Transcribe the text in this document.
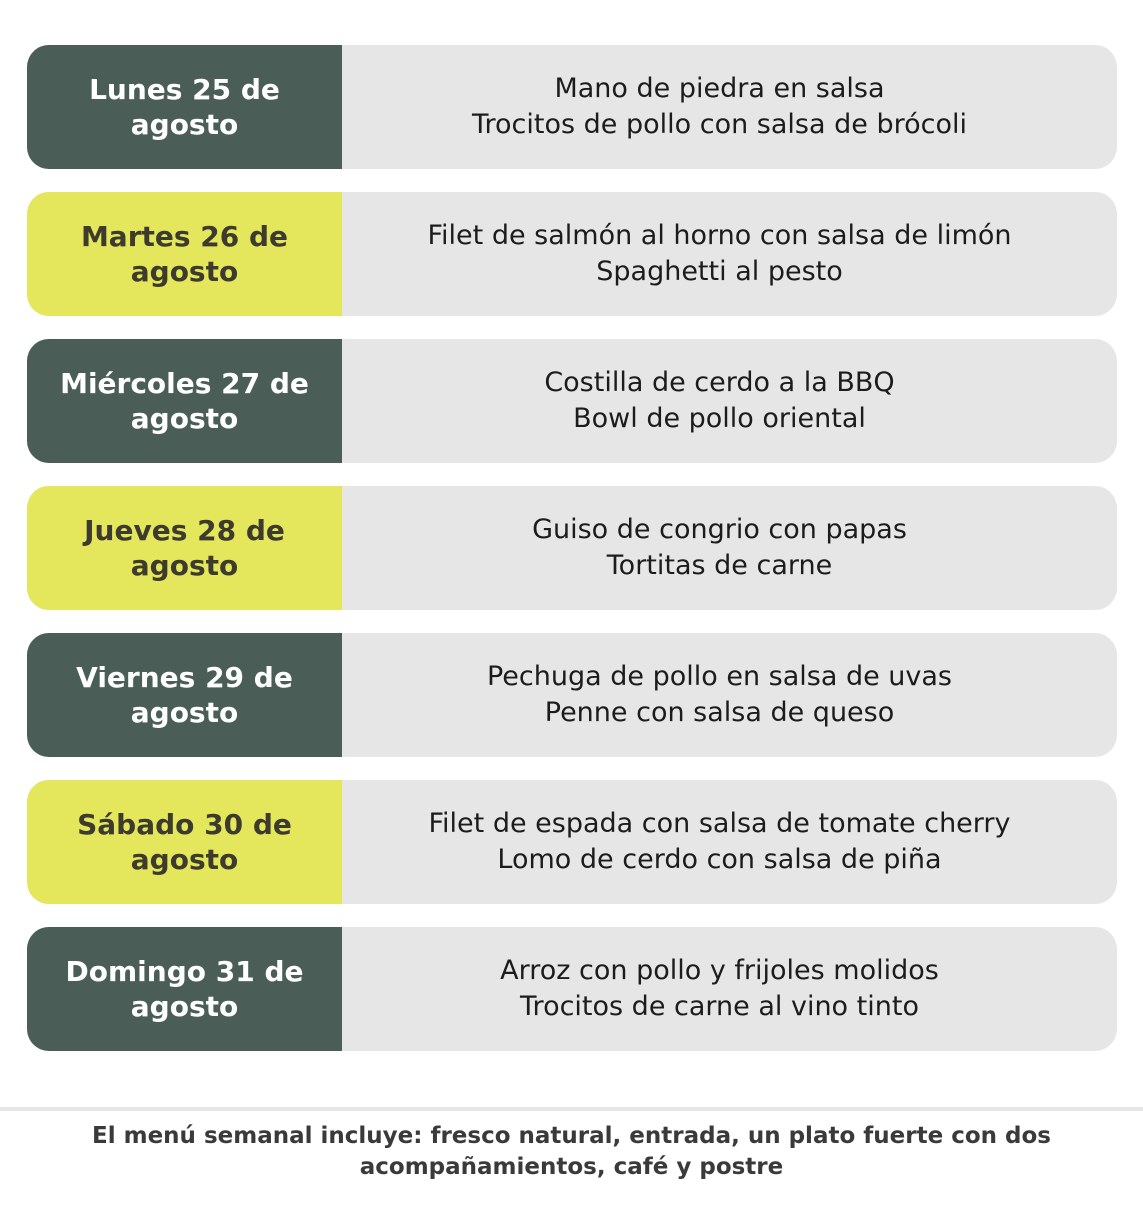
Lunes 25 de
agosto
Mano de piedra en salsa
Trocitos de pollo con salsa de brócoli
Martes 26 de
agosto
Filet de salmón al horno con salsa de limón
Spaghetti al pesto
Miércoles 27 de
agosto
Costilla de cerdo a la BBQ
Bowl de pollo oriental
Jueves 28 de
agosto
Guiso de congrio con papas
Tortitas de carne
Viernes 29 de
agosto
Pechuga de pollo en salsa de uvas
Penne con salsa de queso
Sábado 30 de
agosto
Filet de espada con salsa de tomate cherry
Lomo de cerdo con salsa de piña
Domingo 31 de
agosto
Arroz con pollo y frijoles molidos
Trocitos de carne al vino tinto
El menú semanal incluye: fresco natural, entrada, un plato fuerte con dos
acompañamientos, café y postre
